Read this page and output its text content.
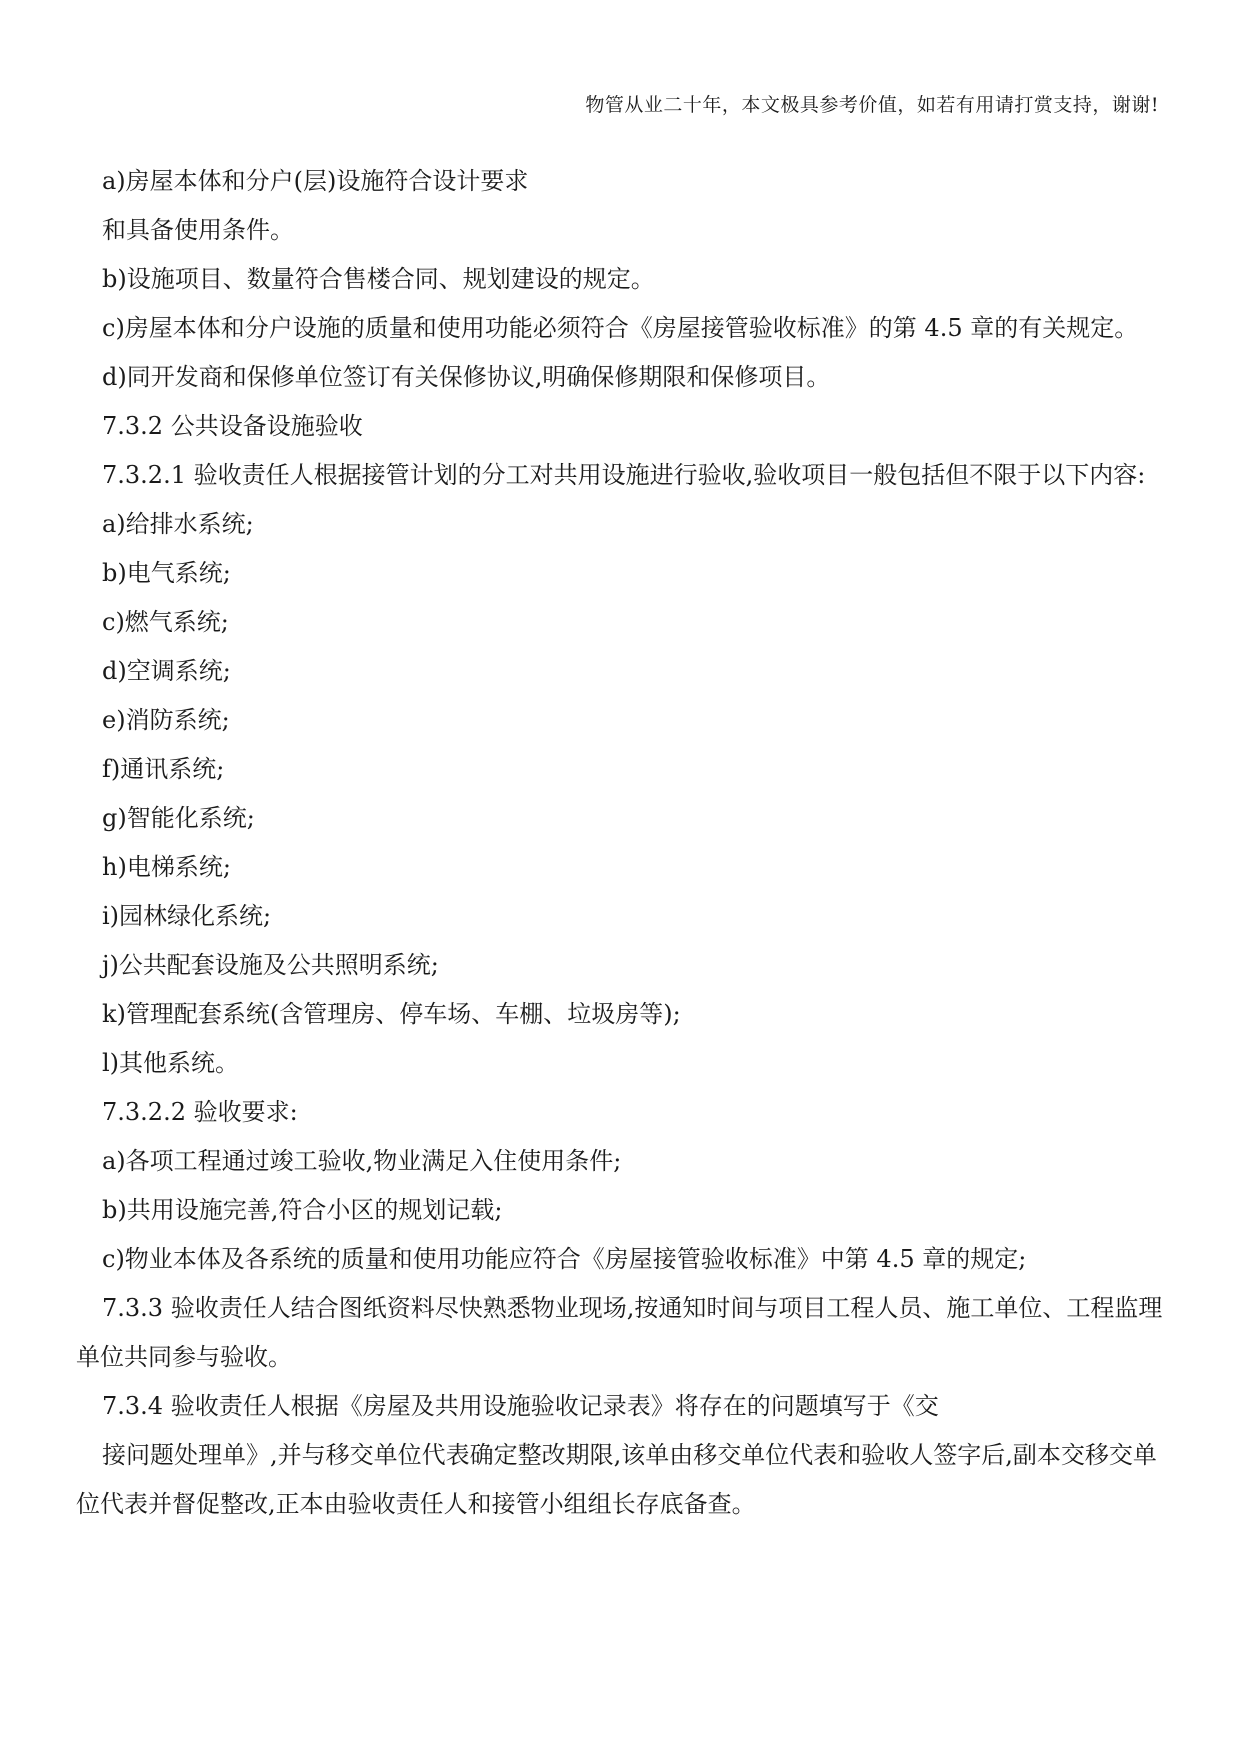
物管从业二十年，本文极具参考价值，如若有用请打赏支持，谢谢!

a)房屋本体和分户(层)设施符合设计要求

和具备使用条件。

b)设施项目、数量符合售楼合同、规划建设的规定。

c)房屋本体和分户设施的质量和使用功能必须符合《房屋接管验收标准》的第 4.5 章的有关规定。

d)同开发商和保修单位签订有关保修协议,明确保修期限和保修项目。

7.3.2 公共设备设施验收

7.3.2.1 验收责任人根据接管计划的分工对共用设施进行验收,验收项目一般包括但不限于以下内容:

a)给排水系统;

b)电气系统;

c)燃气系统;

d)空调系统;

e)消防系统;

f)通讯系统;

g)智能化系统;

h)电梯系统;

i)园林绿化系统;

j)公共配套设施及公共照明系统;

k)管理配套系统(含管理房、停车场、车棚、垃圾房等);

l)其他系统。

7.3.2.2 验收要求:

a)各项工程通过竣工验收,物业满足入住使用条件;

b)共用设施完善,符合小区的规划记载;

c)物业本体及各系统的质量和使用功能应符合《房屋接管验收标准》中第 4.5 章的规定;

7.3.3 验收责任人结合图纸资料尽快熟悉物业现场,按通知时间与项目工程人员、施工单位、工程监理单位共同参与验收。

7.3.4 验收责任人根据《房屋及共用设施验收记录表》将存在的问题填写于《交

接问题处理单》,并与移交单位代表确定整改期限,该单由移交单位代表和验收人签字后,副本交移交单位代表并督促整改,正本由验收责任人和接管小组组长存底备查。
